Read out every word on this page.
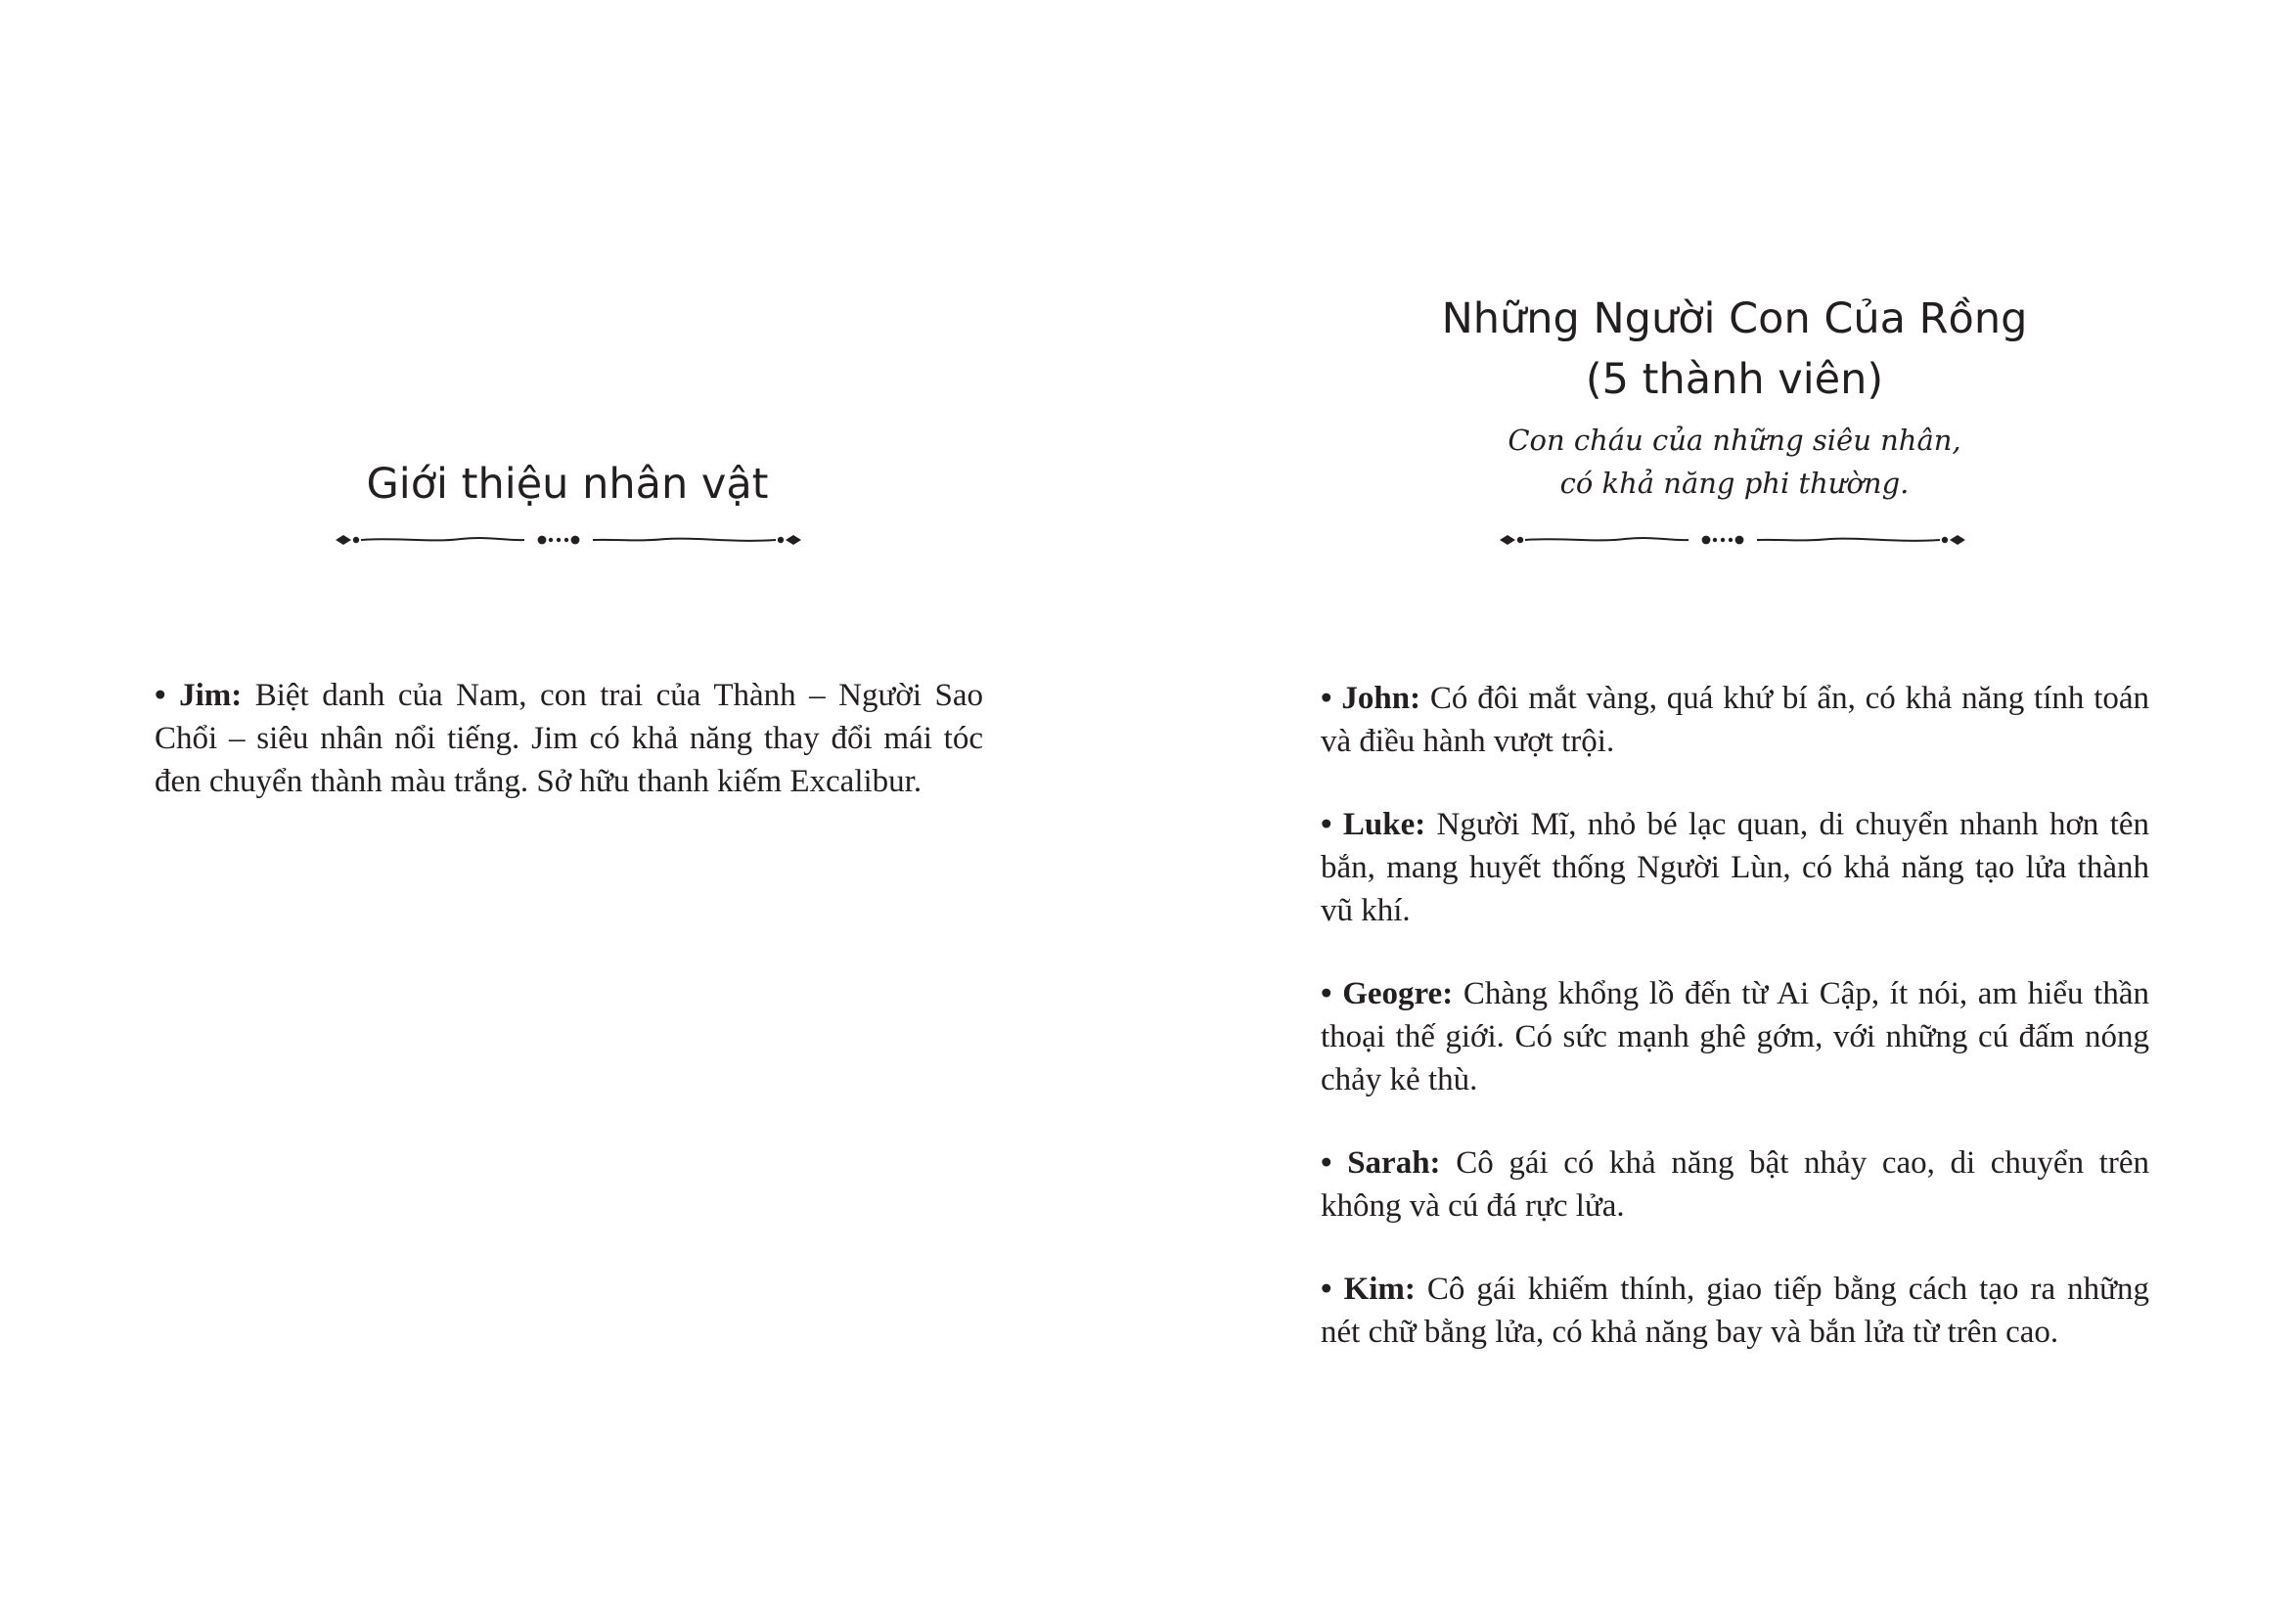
Giới thiệu nhân vật
• Jim: Biệt danh của Nam, con trai của Thành – Người Sao Chổi – siêu nhân nổi tiếng. Jim có khả năng thay đổi mái tóc đen chuyển thành màu trắng. Sở hữu thanh kiếm Excalibur.
Những Người Con Của Rồng
(5 thành viên)
Con cháu của những siêu nhân,
có khả năng phi thường.
• John: Có đôi mắt vàng, quá khứ bí ẩn, có khả năng tính toán và điều hành vượt trội.
• Luke: Người Mĩ, nhỏ bé lạc quan, di chuyển nhanh hơn tên bắn, mang huyết thống Người Lùn, có khả năng tạo lửa thành vũ khí.
• Geogre: Chàng khổng lồ đến từ Ai Cập, ít nói, am hiểu thần thoại thế giới. Có sức mạnh ghê gớm, với những cú đấm nóng chảy kẻ thù.
• Sarah: Cô gái có khả năng bật nhảy cao, di chuyển trên không và cú đá rực lửa.
• Kim: Cô gái khiếm thính, giao tiếp bằng cách tạo ra những nét chữ bằng lửa, có khả năng bay và bắn lửa từ trên cao.
